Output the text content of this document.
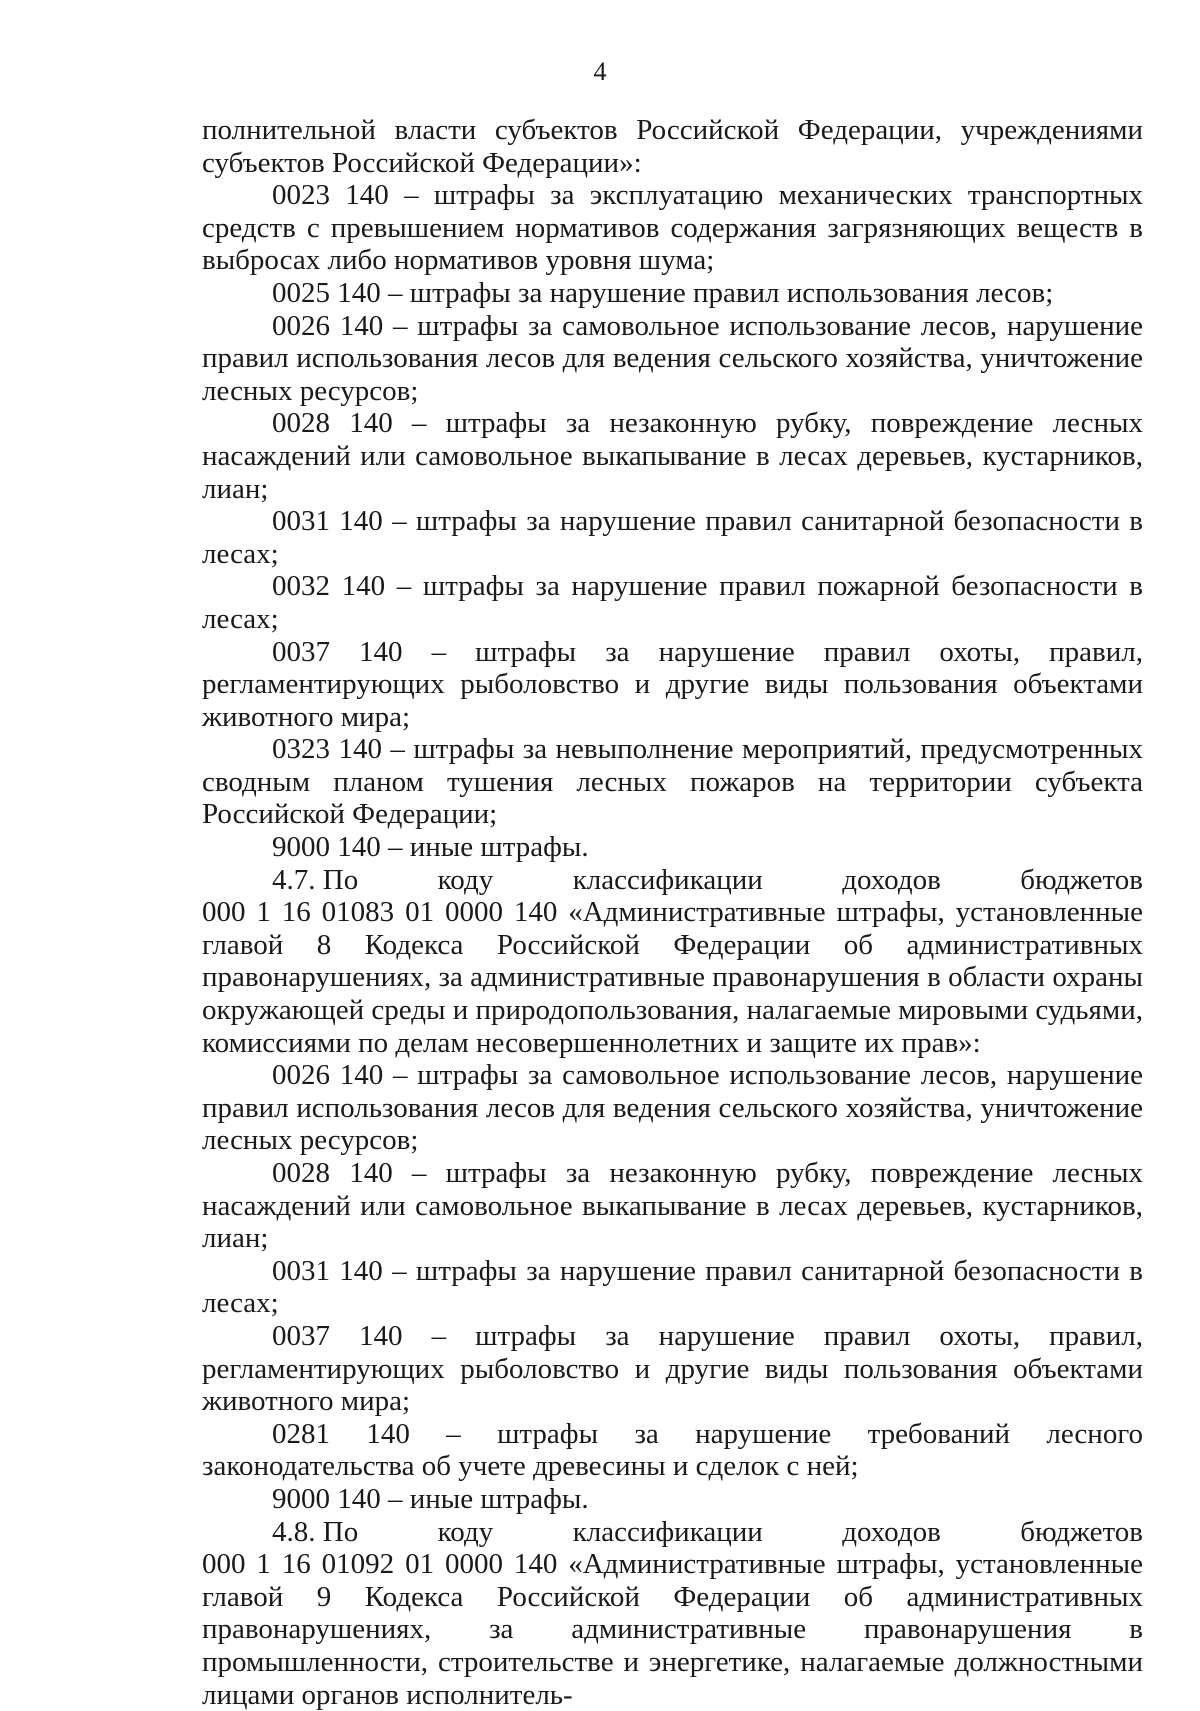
4

полнительной власти субъектов Российской Федерации, учреждениями субъектов Российской Федерации»:

0023 140 – штрафы за эксплуатацию механических транспортных средств с превышением нормативов содержания загрязняющих веществ в выбросах либо нормативов уровня шума;

0025 140 – штрафы за нарушение правил использования лесов;

0026 140 – штрафы за самовольное использование лесов, нарушение правил использования лесов для ведения сельского хозяйства, уничтожение лесных ресурсов;

0028 140 – штрафы за незаконную рубку, повреждение лесных насаждений или самовольное выкапывание в лесах деревьев, кустарников, лиан;

0031 140 – штрафы за нарушение правил санитарной безопасности в лесах;

0032 140 – штрафы за нарушение правил пожарной безопасности в лесах;

0037 140 – штрафы за нарушение правил охоты, правил, регламентирующих рыболовство и другие виды пользования объектами животного мира;

0323 140 – штрафы за невыполнение мероприятий, предусмотренных сводным планом тушения лесных пожаров на территории субъекта Российской Федерации;

9000 140 – иные штрафы.

4.7. По	коду	классификации	доходов	бюджетов

000 1 16 01083 01 0000 140 «Административные штрафы, установленные главой 8 Кодекса Российской Федерации об административных правонарушениях, за административные правонарушения в области охраны окружающей среды и природопользования, налагаемые мировыми судьями, комиссиями по делам несовершеннолетних и защите их прав»:

0026 140 – штрафы за самовольное использование лесов, нарушение правил использования лесов для ведения сельского хозяйства, уничтожение лесных ресурсов;

0028 140 – штрафы за незаконную рубку, повреждение лесных насаждений или самовольное выкапывание в лесах деревьев, кустарников, лиан;

0031 140 – штрафы за нарушение правил санитарной безопасности в лесах;

0037 140 – штрафы за нарушение правил охоты, правил, регламентирующих рыболовство и другие виды пользования объектами животного мира;

0281 140 – штрафы за нарушение требований лесного законодательства об учете древесины и сделок с ней;

9000 140 – иные штрафы.

4.8. По	коду	классификации	доходов	бюджетов

000 1 16 01092 01 0000 140 «Административные штрафы, установленные главой 9 Кодекса Российской Федерации об административных правонарушениях, за административные правонарушения в промышленности, строительстве и энергетике, налагаемые должностными лицами органов исполнитель-
